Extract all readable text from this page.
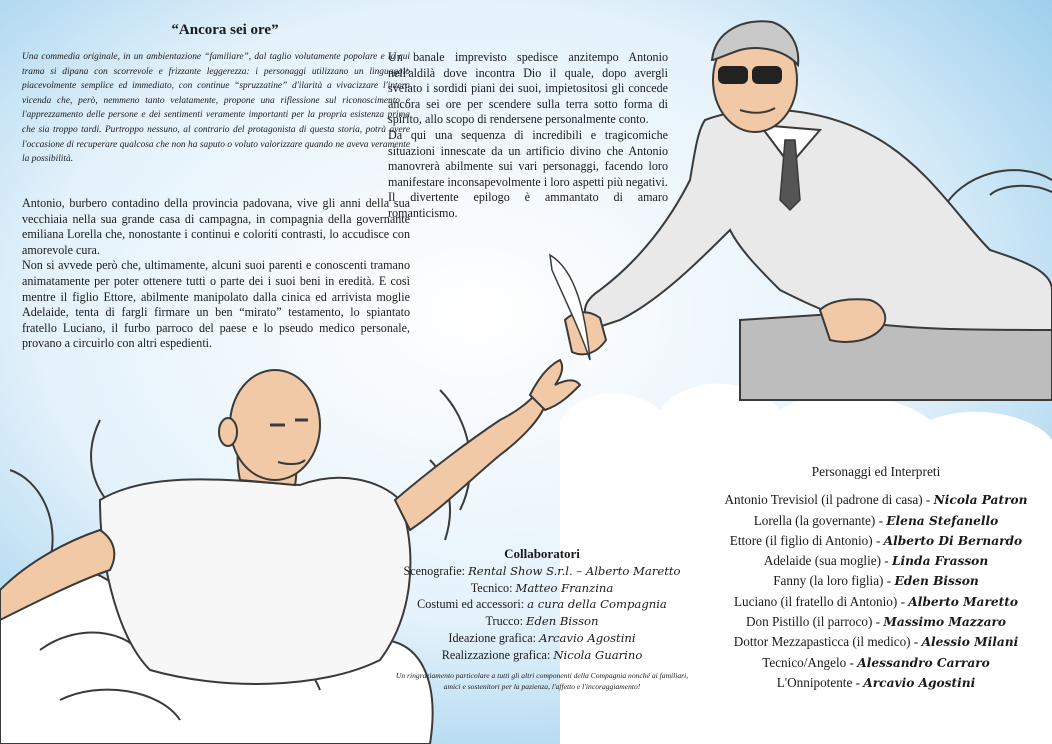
“Ancora sei ore”
Una commedia originale, in un ambientazione “familiare”, dal taglio volutamente popolare e la cui trama si dipana con scorrevole e frizzante leggerezza: i personaggi utilizzano un linguaggio piacevolmente semplice ed immediato, con continue “spruzzatine” d'ilarità a vivacizzare l'intera vicenda che, però, nemmeno tanto velatamente, propone una riflessione sul riconoscimento e l'apprezzamento delle persone e dei sentimenti veramente importanti per la propria esistenza prima che sia troppo tardi. Purtroppo nessuno, al contrario del protagonista di questa storia, potrà avere l'occasione di recuperare qualcosa che non ha saputo o voluto valorizzare quando ne aveva veramente la possibilità.

Antonio, burbero contadino della provincia padovana, vive gli anni della sua vecchiaia nella sua grande casa di campagna, in compagnia della governante emiliana Lorella che, nonostante i continui e coloriti contrasti, lo accudisce con amorevole cura.

Non si avvede però che, ultimamente, alcuni suoi parenti e conoscenti tramano animatamente per poter ottenere tutti o parte dei i suoi beni in eredità. E così mentre il figlio Ettore, abilmente manipolato dalla cinica ed arrivista moglie Adelaide, tenta di fargli firmare un ben “mirato” testamento, lo spiantato fratello Luciano, il furbo parroco del paese e lo pseudo medico personale, provano a circuirlo con altri espedienti.

Un banale imprevisto spedisce anzitempo Antonio nell'aldilà dove incontra Dio il quale, dopo avergli svelato i sordidi piani dei suoi, impietositosi gli concede ancora sei ore per scendere sulla terra sotto forma di spirito, allo scopo di rendersene personalmente conto.

Da qui una sequenza di incredibili e tragicomiche situazioni innescate da un artificio divino che Antonio manovrerà abilmente sui vari personaggi, facendo loro manifestare inconsapevolmente i loro aspetti più negativi.

Il divertente epilogo è ammantato di amaro romanticismo.

Collaboratori
Scenografie: Rental Show S.r.l. – Alberto Maretto
Tecnico: Matteo Franzina
Costumi ed accessori: a cura della Compagnia
Trucco: Eden Bisson
Ideazione grafica: Arcavio Agostini
Realizzazione grafica: Nicola Guarino
Un ringraziamento particolare a tutti gli altri componenti della Compagnia nonché ai familiari, amici e sostenitori per la pazienza, l'affetto e l'incoraggiamento!
Personaggi ed Interpreti
Antonio Trevisiol (il padrone di casa) - Nicola Patron
Lorella (la governante) - Elena Stefanello
Ettore (il figlio di Antonio) - Alberto Di Bernardo
Adelaide (sua moglie) - Linda Frasson
Fanny (la loro figlia) - Eden Bisson
Luciano (il fratello di Antonio) - Alberto Maretto
Don Pistillo (il parroco) - Massimo Mazzaro
Dottor Mezzapasticca (il medico) - Alessio Milani
Tecnico/Angelo - Alessandro Carraro
L'Onnipotente - Arcavio Agostini
